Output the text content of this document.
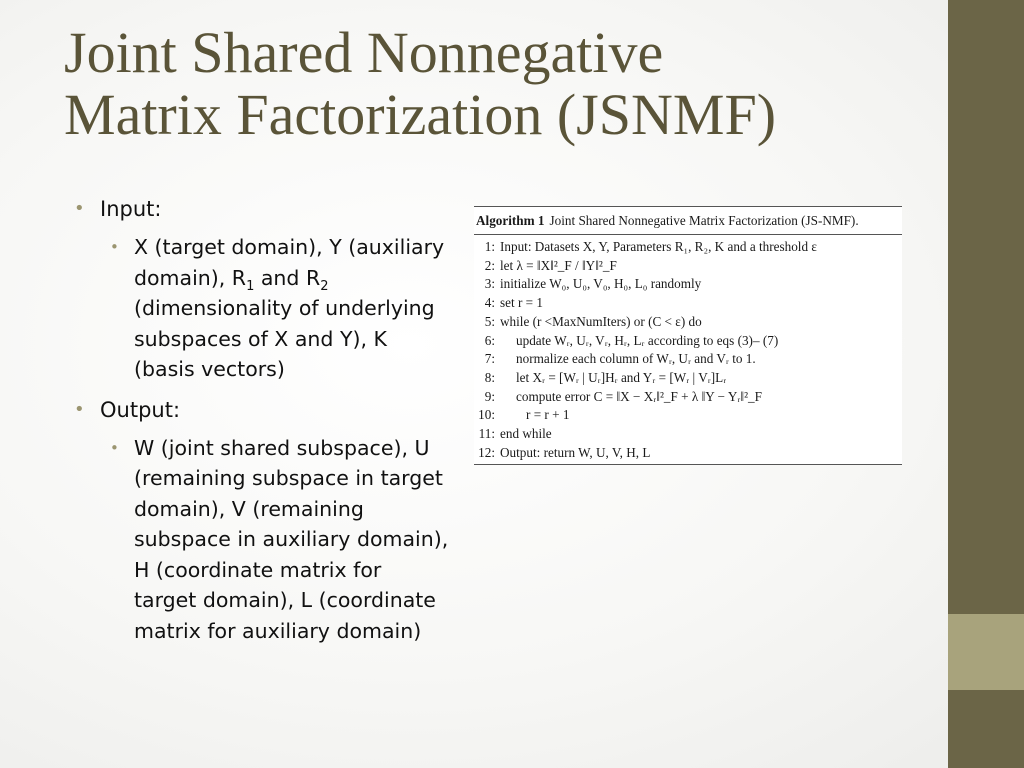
Joint Shared Nonnegative
Matrix Factorization (JSNMF)
• Input:
• X (target domain), Y (auxiliary domain), $R_1$ and $R_2$ (dimensionality of underlying subspaces of X and Y), K (basis vectors)
• Output:
• W (joint shared subspace), U (remaining subspace in target domain), V (remaining subspace in auxiliary domain), H (coordinate matrix for target domain), L (coordinate matrix for auxiliary domain)
Algorithm 1 Joint Shared Nonnegative Matrix Factorization (JS-NMF).
1: Input: Datasets X, Y, Parameters R₁, R₂, K and a threshold ε
2: let λ = ‖X‖²_F / ‖Y‖²_F
3: initialize W₀, U₀, V₀, H₀, L₀ randomly
4: set r = 1
5: while (r <MaxNumIters) or (C < ε) do
6:	update Wᵣ, Uᵣ, Vᵣ, Hᵣ, Lᵣ according to eqs (3)– (7)
7:	normalize each column of Wᵣ, Uᵣ and Vᵣ to 1.
8:	let Xᵣ = [Wᵣ | Uᵣ]Hᵣ and Yᵣ = [Wᵣ | Vᵣ]Lᵣ
9:	compute error C = ‖X − Xᵣ‖²_F + λ ‖Y − Yᵣ‖²_F
10:	r = r + 1
11: end while
12: Output: return W, U, V, H, L
